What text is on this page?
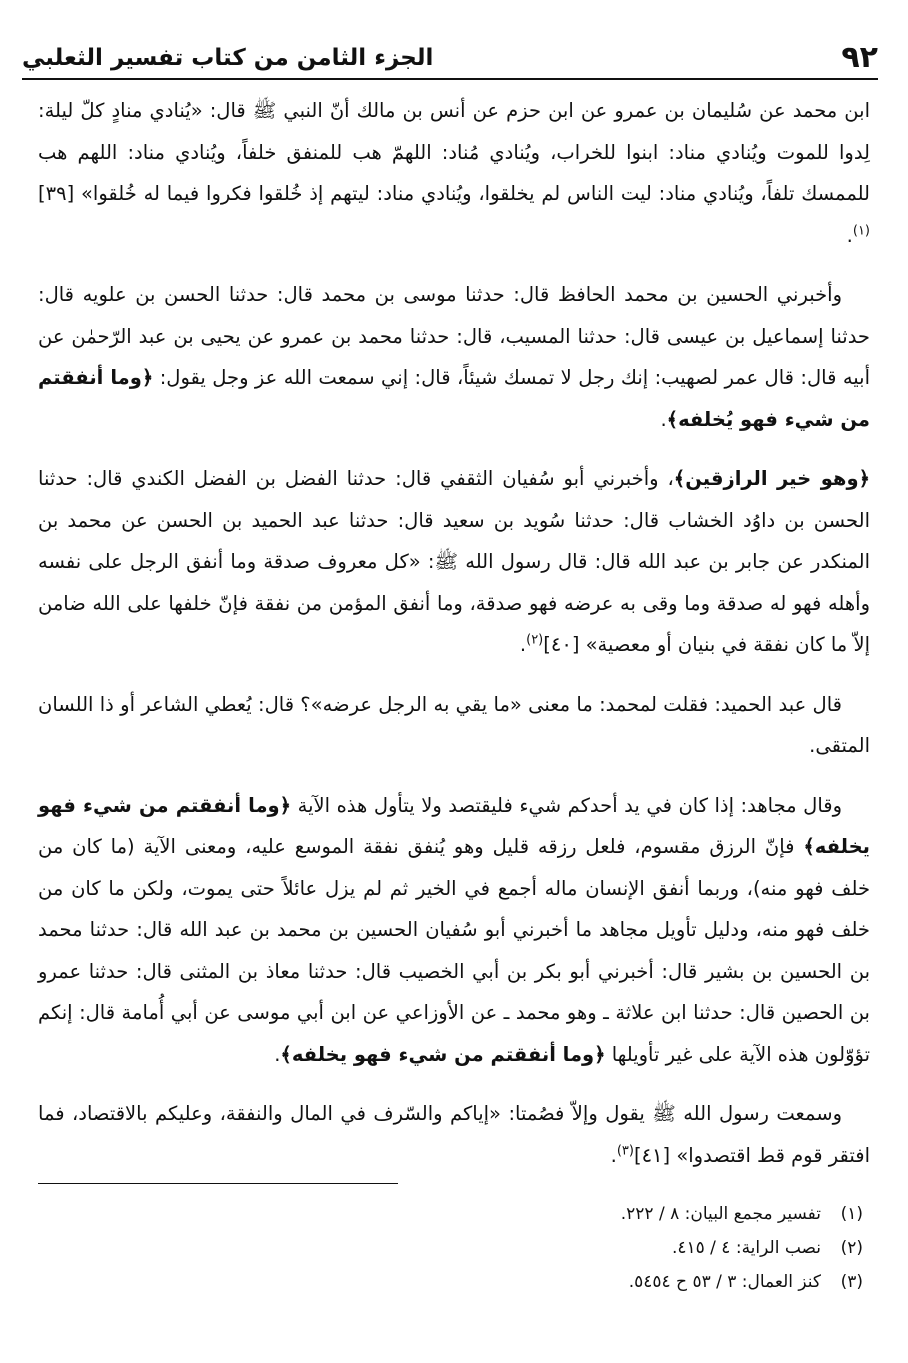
٩٢
الجزء الثامن من كتاب تفسير الثعلبي

ابن محمد عن سُليمان بن عمرو عن ابن حزم عن أنس بن مالك أنّ النبي ﷺ قال: «يُنادي منادٍ كلّ ليلة: لِدوا للموت ويُنادي مناد: ابنوا للخراب، ويُنادي مُناد: اللهمّ هب للمنفق خلفاً، ويُنادي مناد: اللهم هب للممسك تلفاً، ويُنادي مناد: ليت الناس لم يخلقوا، ويُنادي مناد: ليتهم إذ خُلقوا فكروا فيما له خُلقوا» [٣٩]$^{(١)}$.

وأخبرني الحسين بن محمد الحافظ قال: حدثنا موسى بن محمد قال: حدثنا الحسن بن علويه قال: حدثنا إسماعيل بن عيسى قال: حدثنا المسيب، قال: حدثنا محمد بن عمرو عن يحيى بن عبد الرّحمٰن عن أبيه قال: قال عمر لصهيب: إنك رجل لا تمسك شيئاً، قال: إني سمعت الله عز وجل يقول: ﴿وما أنفقتم من شيء فهو يُخلفه﴾.

﴿وهو خير الرازقين﴾، وأخبرني أبو سُفيان الثقفي قال: حدثنا الفضل بن الفضل الكندي قال: حدثنا الحسن بن داوُد الخشاب قال: حدثنا سُويد بن سعيد قال: حدثنا عبد الحميد بن الحسن عن محمد بن المنكدر عن جابر بن عبد الله قال: قال رسول الله ﷺ: «كل معروف صدقة وما أنفق الرجل على نفسه وأهله فهو له صدقة وما وقى به عرضه فهو صدقة، وما أنفق المؤمن من نفقة فإنّ خلفها على الله ضامن إلاّ ما كان نفقة في بنيان أو معصية» [٤٠]$^{(٢)}$.

قال عبد الحميد: فقلت لمحمد: ما معنى «ما يقي به الرجل عرضه»؟ قال: يُعطي الشاعر أو ذا اللسان المتقى.

وقال مجاهد: إذا كان في يد أحدكم شيء فليقتصد ولا يتأول هذه الآية ﴿وما أنفقتم من شيء فهو يخلفه﴾ فإنّ الرزق مقسوم، فلعل رزقه قليل وهو يُنفق نفقة الموسع عليه، ومعنى الآية (ما كان من خلف فهو منه)، وربما أنفق الإنسان ماله أجمع في الخير ثم لم يزل عائلاً حتى يموت، ولكن ما كان من خلف فهو منه، ودليل تأويل مجاهد ما أخبرني أبو سُفيان الحسين بن محمد بن عبد الله قال: حدثنا محمد بن الحسين بن بشير قال: أخبرني أبو بكر بن أبي الخصيب قال: حدثنا معاذ بن المثنى قال: حدثنا عمرو بن الحصين قال: حدثنا ابن علاثة ـ وهو محمد ـ عن الأوزاعي عن ابن أبي موسى عن أبي أُمامة قال: إنكم تؤوّلون هذه الآية على غير تأويلها ﴿وما أنفقتم من شيء فهو يخلفه﴾.

وسمعت رسول الله ﷺ يقول وإلاّ فصُمتا: «إياكم والسّرف في المال والنفقة، وعليكم بالاقتصاد، فما افتقر قوم قط اقتصدوا» [٤١]$^{(٣)}$.

(١)تفسير مجمع البيان: ٨ / ٢٢٢.
(٢)نصب الراية: ٤ / ٤١٥.
(٣)كنز العمال: ٣ / ٥٣ ح ٥٤٥٤.
